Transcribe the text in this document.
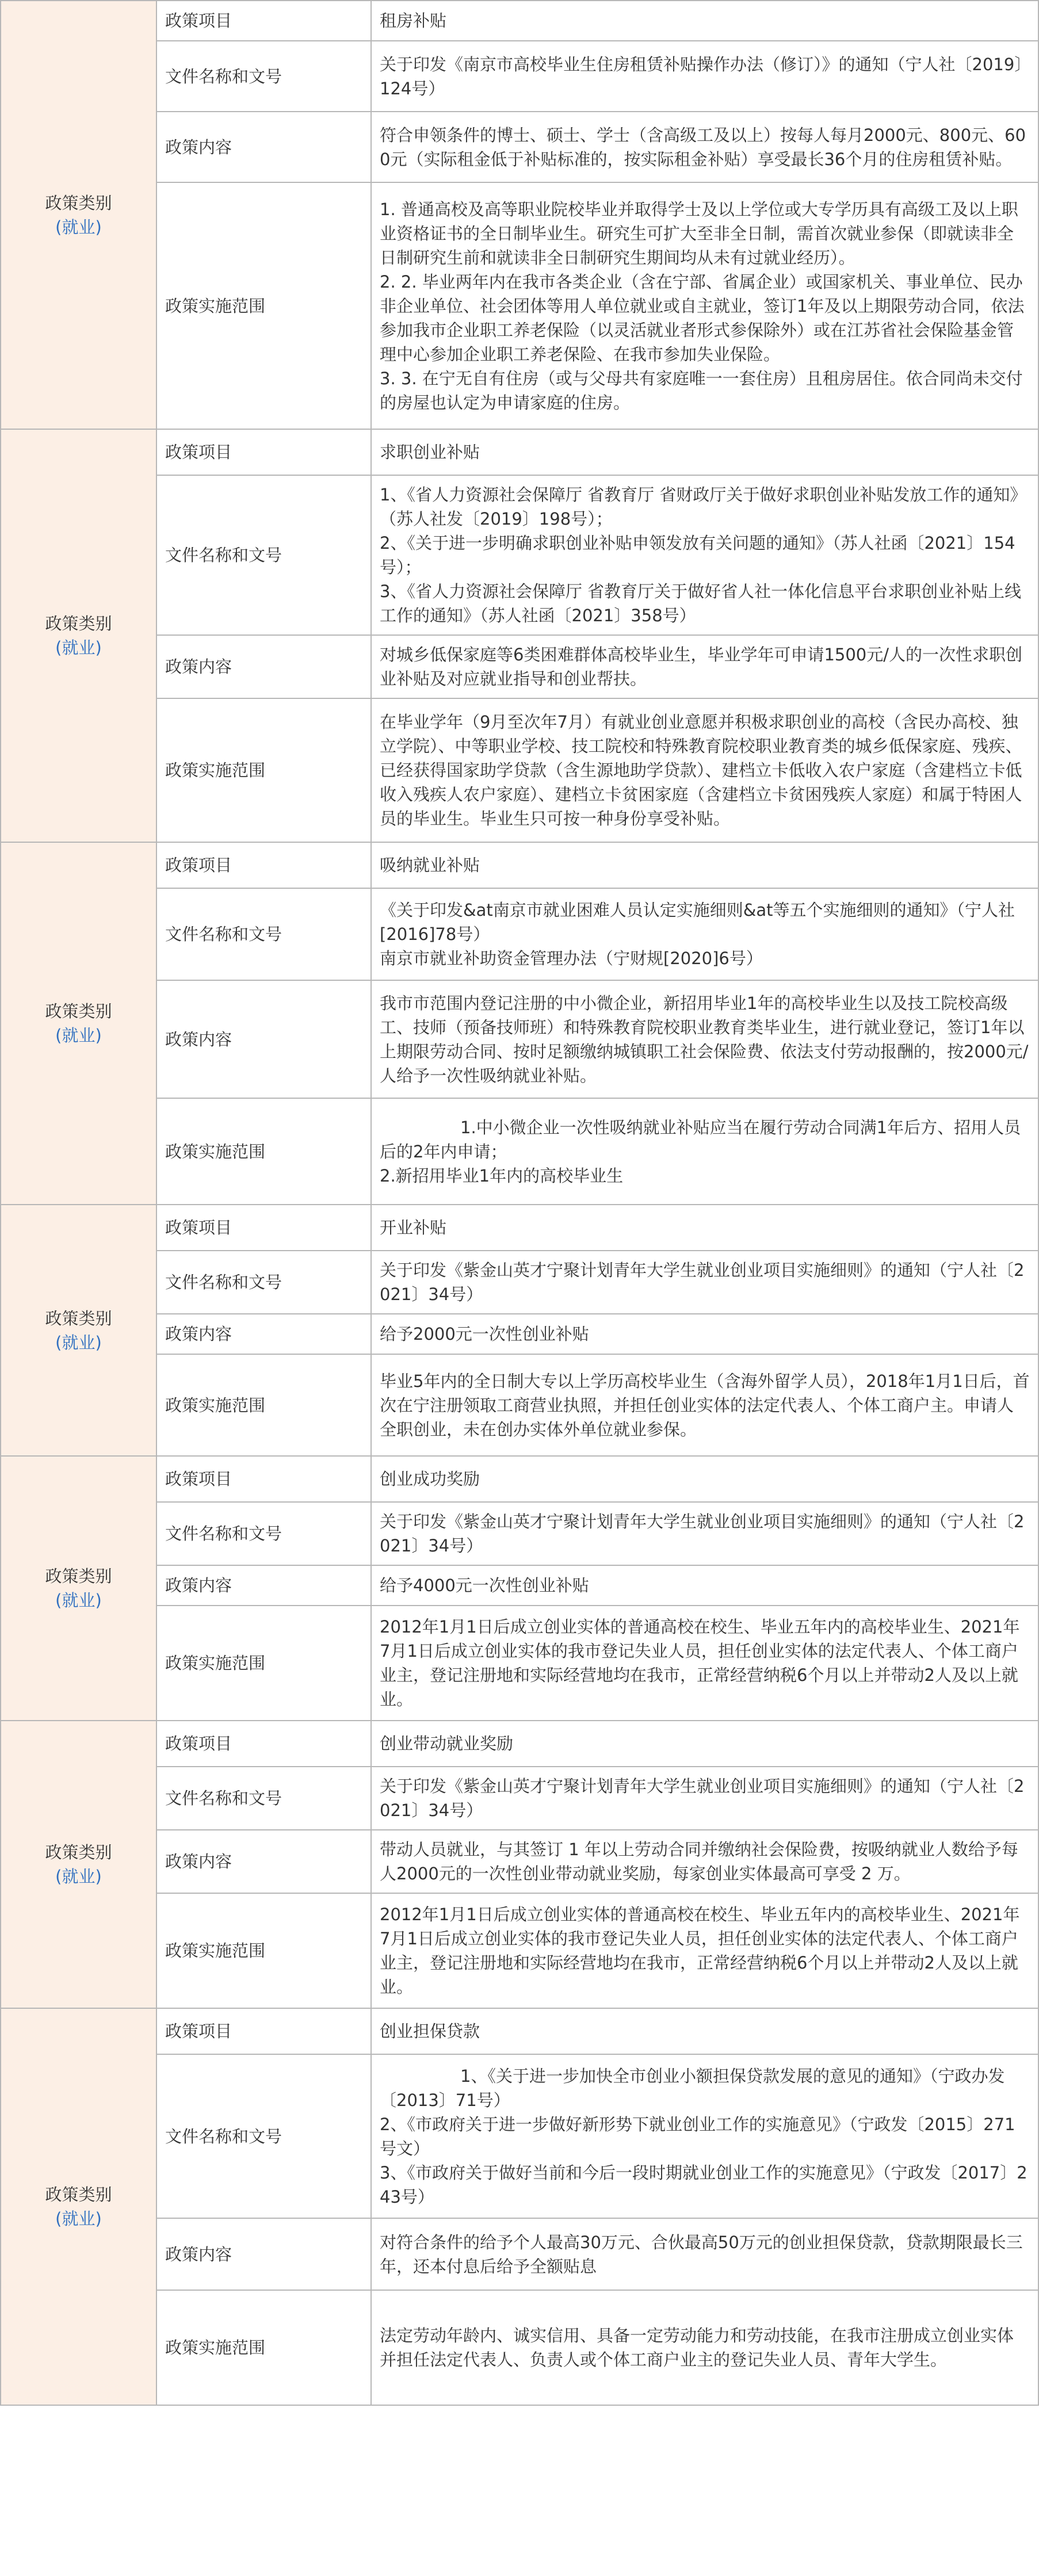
政策类别
(就业)	政策项目	租房补贴
	文件名称和文号	关于印发《南京市高校毕业生住房租赁补贴操作办法（修订）》的通知（宁人社〔2019〕124号）

	政策内容	符合申领条件的博士、硕士、学士（含高级工及以上）按每人每月2000元、800元、600元（实际租金低于补贴标准的，按实际租金补贴）享受最长36个月的住房租赁补贴。

	政策实施范围	1. 普通高校及高等职业院校毕业并取得学士及以上学位或大专学历具有高级工及以上职业资格证书的全日制毕业生。研究生可扩大至非全日制，需首次就业参保（即就读非全日制研究生前和就读非全日制研究生期间均从未有过就业经历）。
2. 2. 毕业两年内在我市各类企业（含在宁部、省属企业）或国家机关、事业单位、民办非企业单位、社会团体等用人单位就业或自主就业，签订1年及以上期限劳动合同，依法参加我市企业职工养老保险（以灵活就业者形式参保除外）或在江苏省社会保险基金管理中心参加企业职工养老保险、在我市参加失业保险。
3. 3. 在宁无自有住房（或与父母共有家庭唯一一套住房）且租房居住。依合同尚未交付的房屋也认定为申请家庭的住房。

政策类别
(就业)	政策项目	求职创业补贴
	文件名称和文号	1、《省人力资源社会保障厅 省教育厅 省财政厅关于做好求职创业补贴发放工作的通知》（苏人社发〔2019〕198号）；
2、《关于进一步明确求职创业补贴申领发放有关问题的通知》（苏人社函〔2021〕154号）；
3、《省人力资源社会保障厅 省教育厅关于做好省人社一体化信息平台求职创业补贴上线工作的通知》（苏人社函〔2021〕358号）

	政策内容	对城乡低保家庭等6类困难群体高校毕业生，毕业学年可申请1500元/人的一次性求职创业补贴及对应就业指导和创业帮扶。

	政策实施范围	在毕业学年（9月至次年7月）有就业创业意愿并积极求职创业的高校（含民办高校、独立学院）、中等职业学校、技工院校和特殊教育院校职业教育类的城乡低保家庭、残疾、已经获得国家助学贷款（含生源地助学贷款）、建档立卡低收入农户家庭（含建档立卡低收入残疾人农户家庭）、建档立卡贫困家庭（含建档立卡贫困残疾人家庭）和属于特困人员的毕业生。毕业生只可按一种身份享受补贴。

政策类别
(就业)	政策项目	吸纳就业补贴
	文件名称和文号	《关于印发&at南京市就业困难人员认定实施细则&at等五个实施细则的通知》（宁人社[2016]78号）
南京市就业补助资金管理办法（宁财规[2020]6号）

	政策内容	我市市范围内登记注册的中小微企业，新招用毕业1年的高校毕业生以及技工院校高级工、技师（预备技师班）和特殊教育院校职业教育类毕业生，进行就业登记，签订1年以上期限劳动合同、按时足额缴纳城镇职工社会保险费、依法支付劳动报酬的，按2000元/人给予一次性吸纳就业补贴。

	政策实施范围	1.中小微企业一次性吸纳就业补贴应当在履行劳动合同满1年后方、招用人员后的2年内申请；
2.新招用毕业1年内的高校毕业生

政策类别
(就业)	政策项目	开业补贴
	文件名称和文号	关于印发《紫金山英才宁聚计划青年大学生就业创业项目实施细则》的通知（宁人社〔2021〕34号）

	政策内容	给予2000元一次性创业补贴

	政策实施范围	毕业5年内的全日制大专以上学历高校毕业生（含海外留学人员），2018年1月1日后，首次在宁注册领取工商营业执照，并担任创业实体的法定代表人、个体工商户主。申请人全职创业，未在创办实体外单位就业参保。

政策类别
(就业)	政策项目	创业成功奖励
	文件名称和文号	关于印发《紫金山英才宁聚计划青年大学生就业创业项目实施细则》的通知（宁人社〔2021〕34号）

	政策内容	给予4000元一次性创业补贴

	政策实施范围	2012年1月1日后成立创业实体的普通高校在校生、毕业五年内的高校毕业生、2021年7月1日后成立创业实体的我市登记失业人员，担任创业实体的法定代表人、个体工商户业主，登记注册地和实际经营地均在我市，正常经营纳税6个月以上并带动2人及以上就业。

政策类别
(就业)	政策项目	创业带动就业奖励
	文件名称和文号	关于印发《紫金山英才宁聚计划青年大学生就业创业项目实施细则》的通知（宁人社〔2021〕34号）

	政策内容	带动人员就业，与其签订 1 年以上劳动合同并缴纳社会保险费，按吸纳就业人数给予每人2000元的一次性创业带动就业奖励，每家创业实体最高可享受 2 万。

	政策实施范围	2012年1月1日后成立创业实体的普通高校在校生、毕业五年内的高校毕业生、2021年7月1日后成立创业实体的我市登记失业人员，担任创业实体的法定代表人、个体工商户业主，登记注册地和实际经营地均在我市，正常经营纳税6个月以上并带动2人及以上就业。

政策类别
(就业)	政策项目	创业担保贷款
	文件名称和文号	1、《关于进一步加快全市创业小额担保贷款发展的意见的通知》（宁政办发〔2013〕71号）
2、《市政府关于进一步做好新形势下就业创业工作的实施意见》（宁政发〔2015〕271号文）
3、《市政府关于做好当前和今后一段时期就业创业工作的实施意见》（宁政发〔2017〕243号）

	政策内容	对符合条件的给予个人最高30万元、合伙最高50万元的创业担保贷款，贷款期限最长三年，还本付息后给予全额贴息

	政策实施范围	法定劳动年龄内、诚实信用、具备一定劳动能力和劳动技能，在我市注册成立创业实体并担任法定代表人、负责人或个体工商户业主的登记失业人员、青年大学生。
